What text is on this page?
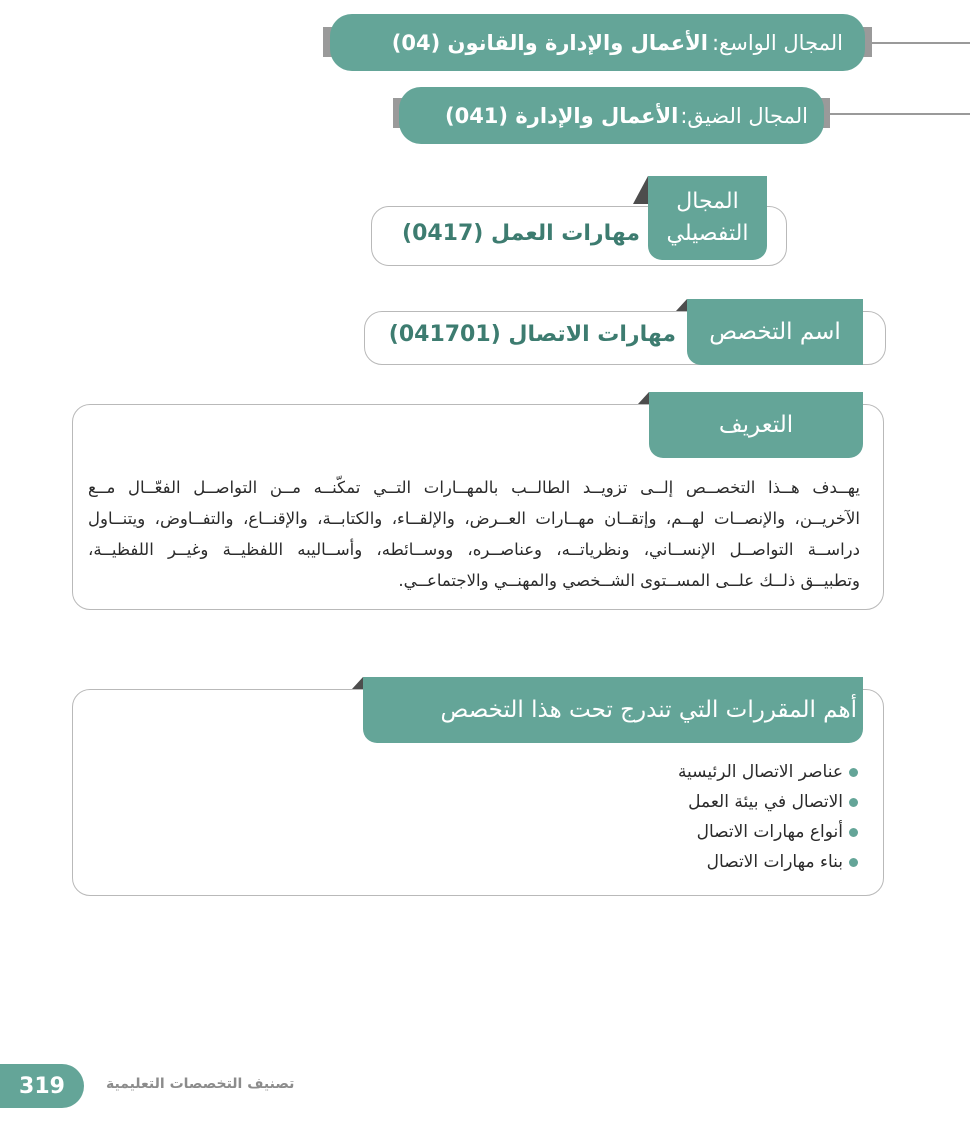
المجال الواسع:
الأعمال والإدارة والقانون (04)
المجال الضيق:
الأعمال والإدارة (041)
المجال
التفصيلي
مهارات العمل (0417)
اسم التخصص
مهارات الاتصال (041701)
التعريف
يهــدف هــذا التخصــص إلــى تزويــد الطالــب بالمهــارات التــي تمكّنــه مــن التواصــل الفعّــال مــع
الآخريــن، والإنصــات لهــم، وإتقــان مهــارات العــرض، والإلقــاء، والكتابــة، والإقنــاع، والتفــاوض، ويتنــاول
دراســة التواصــل الإنســاني، ونظرياتــه، وعناصــره، ووســائطه، وأســاليبه اللفظيــة وغيــر اللفظيــة،
وتطبيــق ذلــك علــى المســتوى الشــخصي والمهنــي والاجتماعــي.
أهم المقررات التي تندرج تحت هذا التخصص
عناصر الاتصال الرئيسية
الاتصال في بيئة العمل
أنواع مهارات الاتصال
بناء مهارات الاتصال
319	تصنيف التخصصات التعليمية
